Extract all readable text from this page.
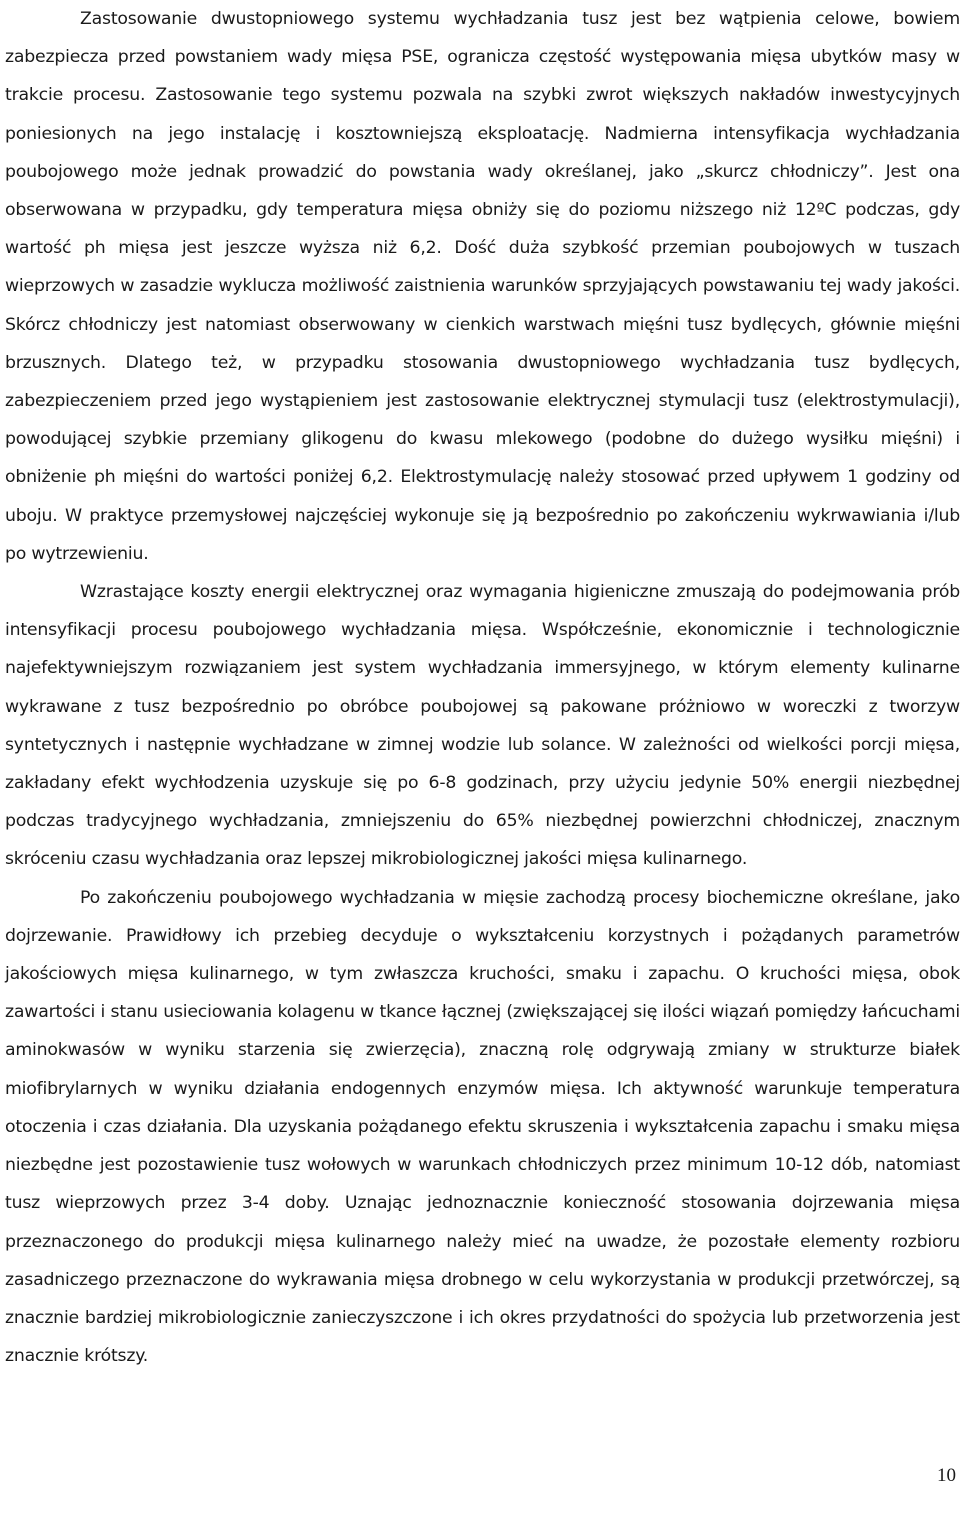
Zastosowanie dwustopniowego systemu wychładzania tusz jest bez wątpienia celowe, bowiem zabezpiecza przed powstaniem wady mięsa PSE, ogranicza częstość występowania mięsa ubytków masy w trakcie procesu. Zastosowanie tego systemu pozwala na szybki zwrot większych nakładów inwestycyjnych poniesionych na jego instalację i kosztowniejszą eksploatację. Nadmierna intensyfikacja wychładzania poubojowego może jednak prowadzić do powstania wady określanej, jako „skurcz chłodniczy”. Jest ona obserwowana w przypadku, gdy temperatura mięsa obniży się do poziomu niższego niż 12ºC podczas, gdy wartość ph mięsa jest jeszcze wyższa niż 6,2. Dość duża szybkość przemian poubojowych w tuszach wieprzowych w zasadzie wyklucza możliwość zaistnienia warunków sprzyjających powstawaniu tej wady jakości. Skórcz chłodniczy jest natomiast obserwowany w cienkich warstwach mięśni tusz bydlęcych, głównie mięśni brzusznych. Dlatego też, w przypadku stosowania dwustopniowego wychładzania tusz bydlęcych, zabezpieczeniem przed jego wystąpieniem jest zastosowanie elektrycznej stymulacji tusz (elektrostymulacji), powodującej szybkie przemiany glikogenu do kwasu mlekowego (podobne do dużego wysiłku mięśni) i obniżenie ph mięśni do wartości poniżej 6,2. Elektrostymulację należy stosować przed upływem 1 godziny od uboju. W praktyce przemysłowej najczęściej wykonuje się ją bezpośrednio po zakończeniu wykrwawiania i/lub po wytrzewieniu.

Wzrastające koszty energii elektrycznej oraz wymagania higieniczne zmuszają do podejmowania prób intensyfikacji procesu poubojowego wychładzania mięsa. Współcześnie, ekonomicznie i technologicznie najefektywniejszym rozwiązaniem jest system wychładzania immersyjnego, w którym elementy kulinarne wykrawane z tusz bezpośrednio po obróbce poubojowej są pakowane próżniowo w woreczki z tworzyw syntetycznych i następnie wychładzane w zimnej wodzie lub solance. W zależności od wielkości porcji mięsa, zakładany efekt wychłodzenia uzyskuje się po 6-8 godzinach, przy użyciu jedynie 50% energii niezbędnej podczas tradycyjnego wychładzania, zmniejszeniu do 65% niezbędnej powierzchni chłodniczej, znacznym skróceniu czasu wychładzania oraz lepszej mikrobiologicznej jakości mięsa kulinarnego.

Po zakończeniu poubojowego wychładzania w mięsie zachodzą procesy biochemiczne określane, jako dojrzewanie. Prawidłowy ich przebieg decyduje o wykształceniu korzystnych i pożądanych parametrów jakościowych mięsa kulinarnego, w tym zwłaszcza kruchości, smaku i zapachu. O kruchości mięsa, obok zawartości i stanu usieciowania kolagenu w tkance łącznej (zwiększającej się ilości wiązań pomiędzy łańcuchami aminokwasów w wyniku starzenia się zwierzęcia), znaczną rolę odgrywają zmiany w strukturze białek miofibrylarnych w wyniku działania endogennych enzymów mięsa. Ich aktywność warunkuje temperatura otoczenia i czas działania. Dla uzyskania pożądanego efektu skruszenia i wykształcenia zapachu i smaku mięsa niezbędne jest pozostawienie tusz wołowych w warunkach chłodniczych przez minimum 10-12 dób, natomiast tusz wieprzowych przez 3-4 doby. Uznając jednoznacznie konieczność stosowania dojrzewania mięsa przeznaczonego do produkcji mięsa kulinarnego należy mieć na uwadze, że pozostałe elementy rozbioru zasadniczego przeznaczone do wykrawania mięsa drobnego w celu wykorzystania w produkcji przetwórczej, są znacznie bardziej mikrobiologicznie zanieczyszczone i ich okres przydatności do spożycia lub przetworzenia jest znacznie krótszy.

10
